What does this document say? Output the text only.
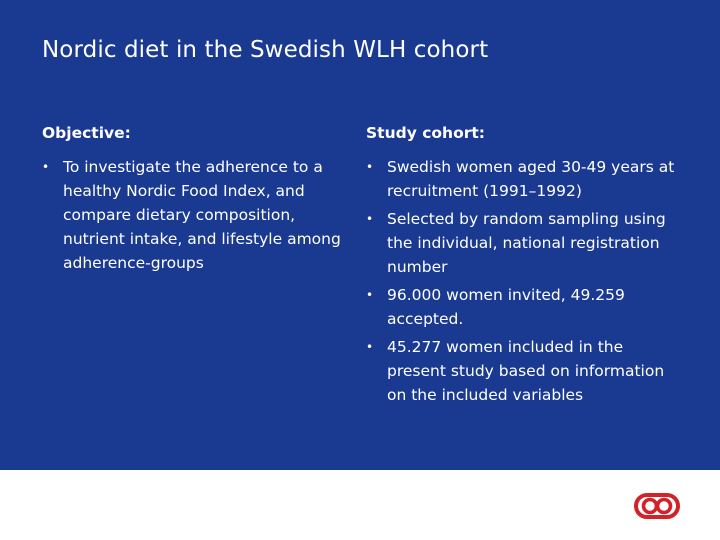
Nordic diet in the Swedish WLH cohort
Objective:
• To investigate the adherence to a healthy Nordic Food Index, and compare dietary composition, nutrient intake, and lifestyle among adherence-groups
Study cohort:
• Swedish women aged 30-49 years at recruitment (1991–1992)
• Selected by random sampling using the individual, national registration number
• 96.000 women invited, 49.259 accepted.
• 45.277 women included in the present study based on information on the included variables
